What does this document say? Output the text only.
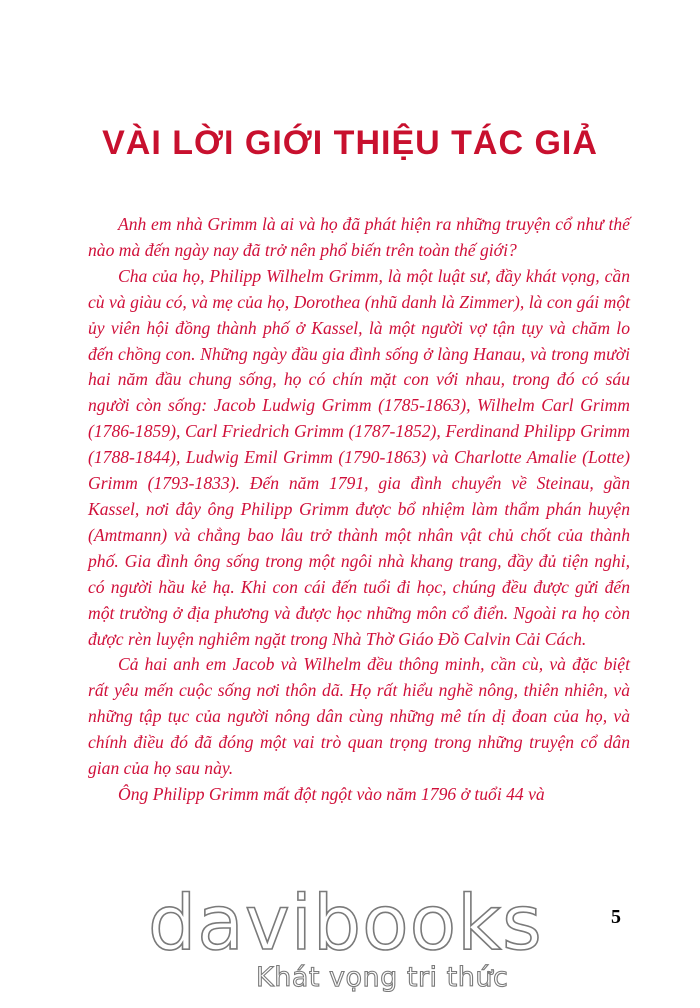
VÀI LỜI GIỚI THIỆU TÁC GIẢ

Anh em nhà Grimm là ai và họ đã phát hiện ra những truyện cổ như thế nào mà đến ngày nay đã trở nên phổ biến trên toàn thế giới?

Cha của họ, Philipp Wilhelm Grimm, là một luật sư, đầy khát vọng, cần cù và giàu có, và mẹ của họ, Dorothea (nhũ danh là Zimmer), là con gái một ủy viên hội đồng thành phố ở Kassel, là một người vợ tận tụy và chăm lo đến chồng con. Những ngày đầu gia đình sống ở làng Hanau, và trong mười hai năm đầu chung sống, họ có chín mặt con với nhau, trong đó có sáu người còn sống: Jacob Ludwig Grimm (1785-1863), Wilhelm Carl Grimm (1786-1859), Carl Friedrich Grimm (1787-1852), Ferdinand Philipp Grimm (1788-1844), Ludwig Emil Grimm (1790-1863) và Charlotte Amalie (Lotte) Grimm (1793-1833). Đến năm 1791, gia đình chuyển về Steinau, gần Kassel, nơi đây ông Philipp Grimm được bổ nhiệm làm thẩm phán huyện (Amtmann) và chẳng bao lâu trở thành một nhân vật chủ chốt của thành phố. Gia đình ông sống trong một ngôi nhà khang trang, đầy đủ tiện nghi, có người hầu kẻ hạ. Khi con cái đến tuổi đi học, chúng đều được gửi đến một trường ở địa phương và được học những môn cổ điển. Ngoài ra họ còn được rèn luyện nghiêm ngặt trong Nhà Thờ Giáo Đồ Calvin Cải Cách.

Cả hai anh em Jacob và Wilhelm đều thông minh, cần cù, và đặc biệt rất yêu mến cuộc sống nơi thôn dã. Họ rất hiểu nghề nông, thiên nhiên, và những tập tục của người nông dân cùng những mê tín dị đoan của họ, và chính điều đó đã đóng một vai trò quan trọng trong những truyện cổ dân gian của họ sau này.

Ông Philipp Grimm mất đột ngột vào năm 1796 ở tuổi 44 và

5
davibooks
Khát vọng tri thức
